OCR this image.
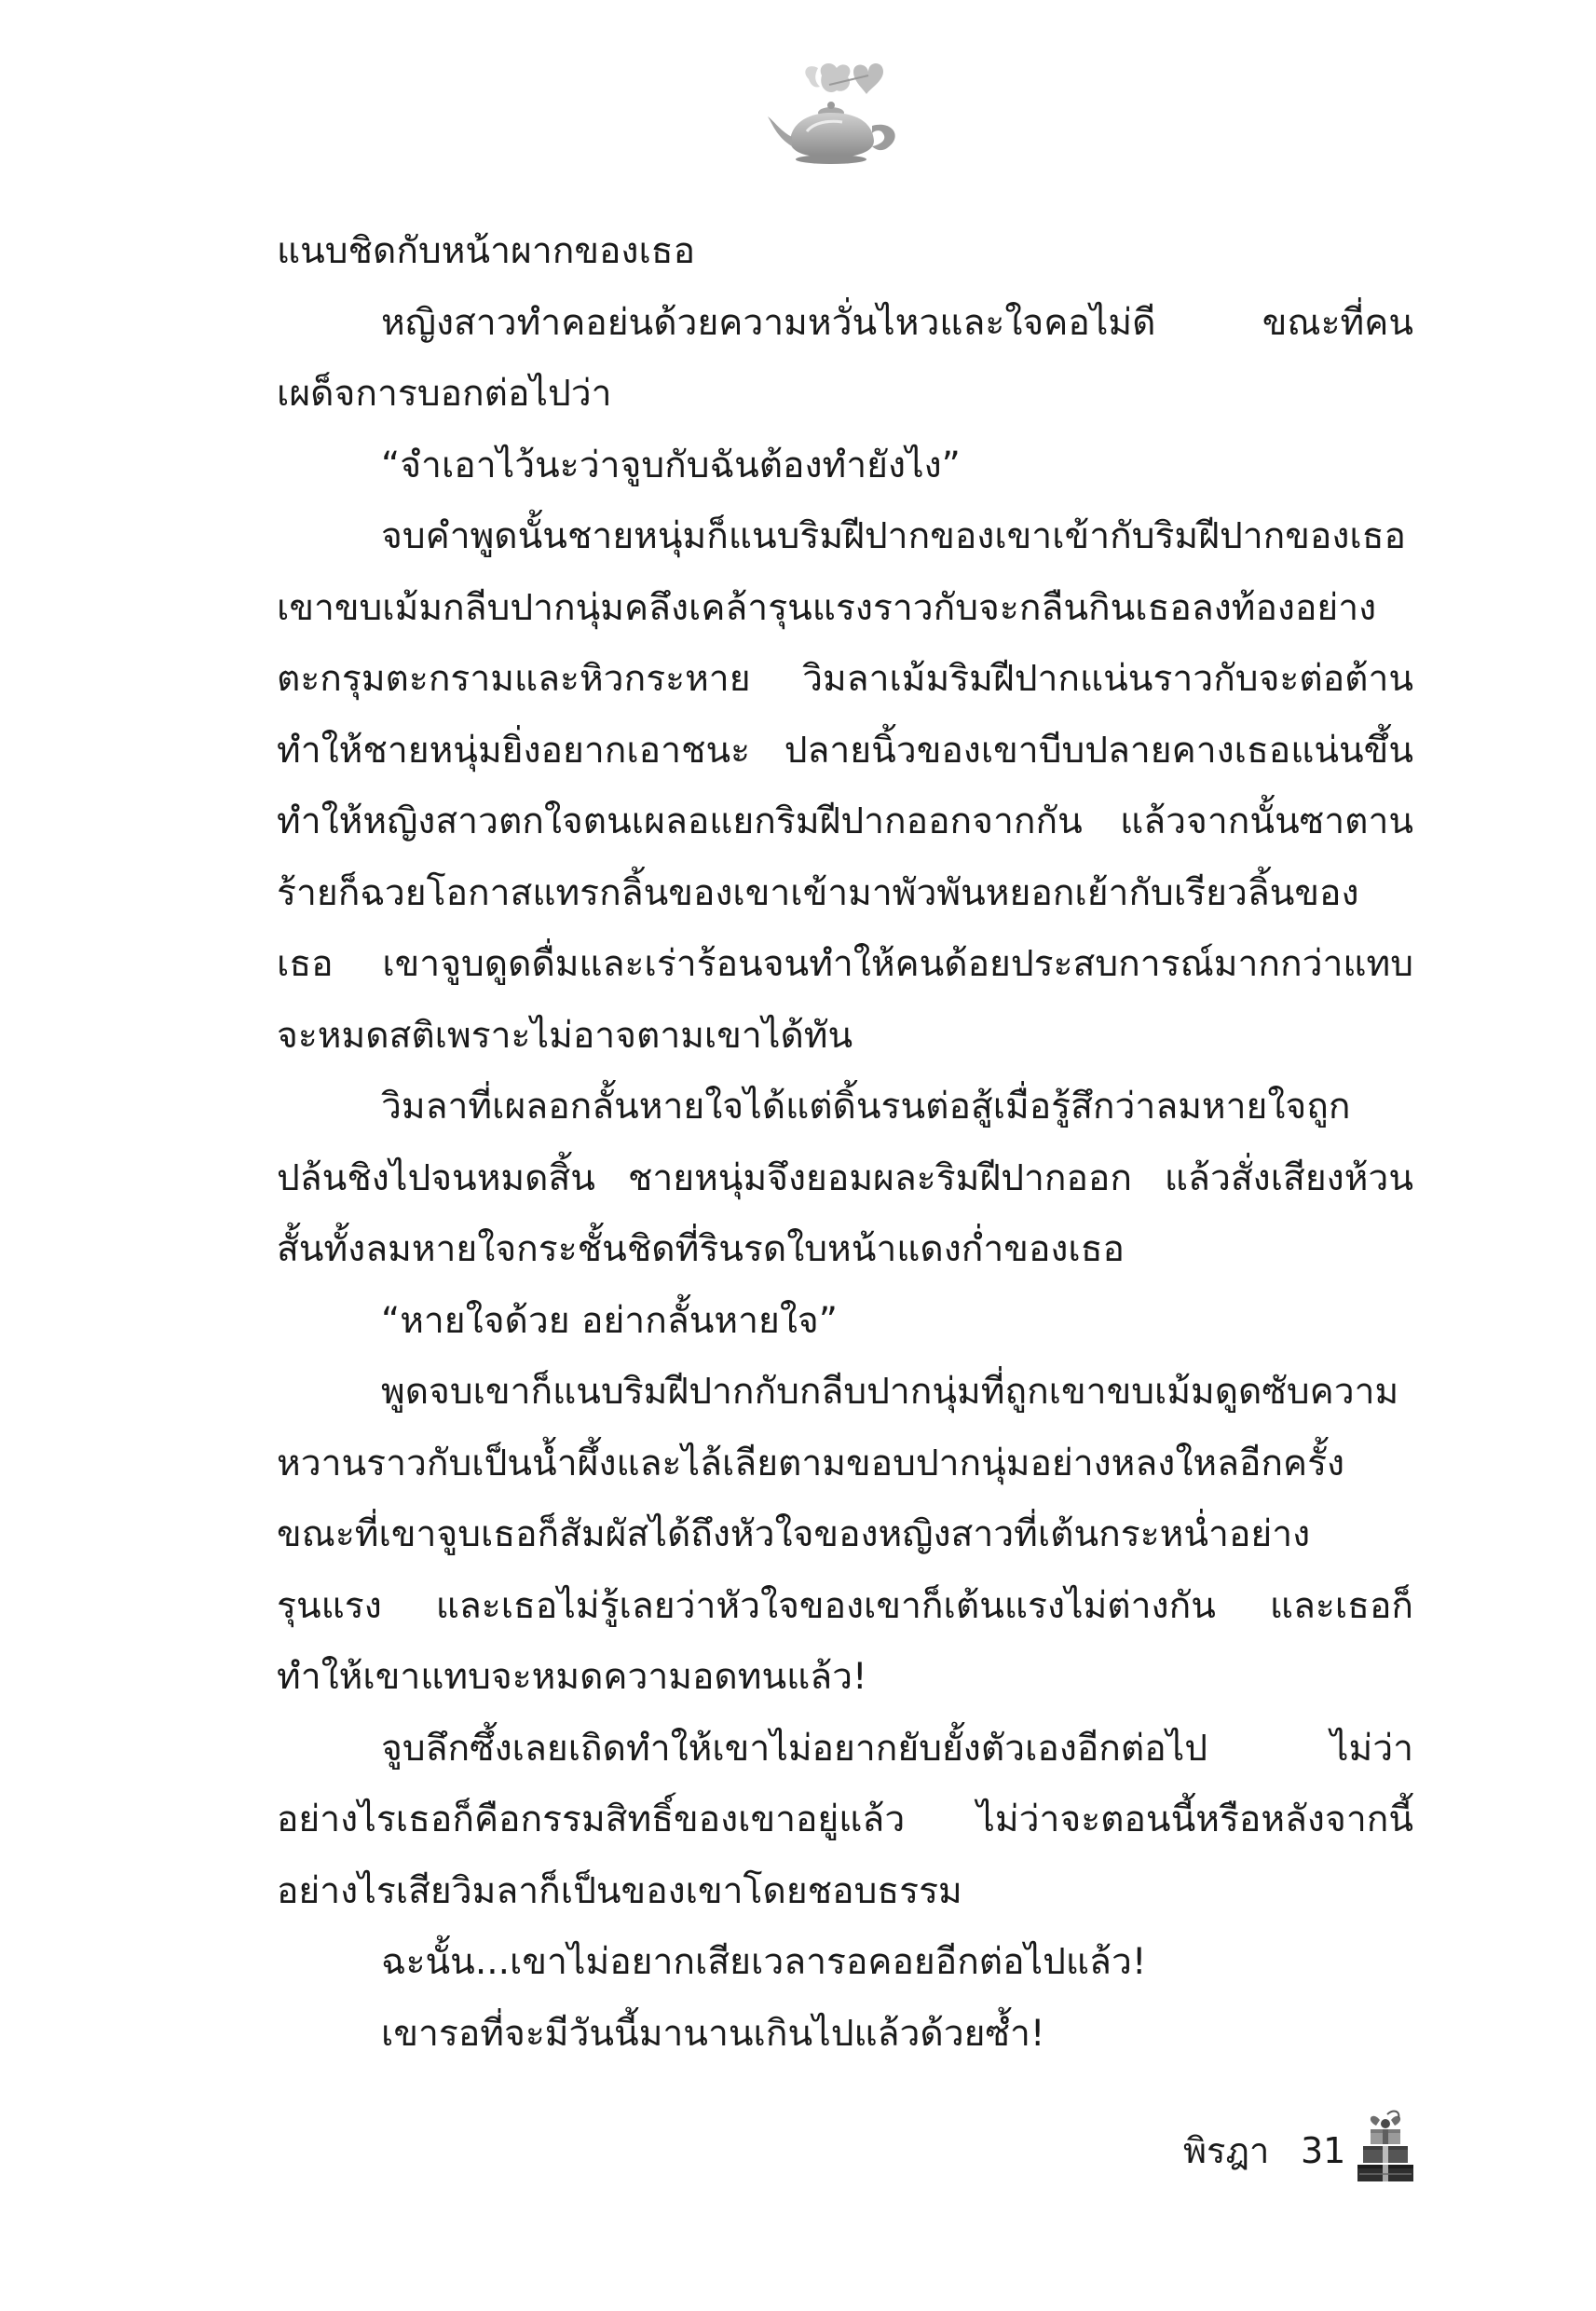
แนบชิดกับหน้าผากของเธอ

หญิงสาวทำคอย่นด้วยความหวั่นไหวและใจคอไม่ดี ขณะที่คนเผด็จการบอกต่อไปว่า

“จำเอาไว้นะว่าจูบกับฉันต้องทำยังไง”

จบคำพูดนั้นชายหนุ่มก็แนบริมฝีปากของเขาเข้ากับริมฝีปากของเธอ เขาขบเม้มกลีบปากนุ่มคลึงเคล้ารุนแรงราวกับจะกลืนกินเธอลงท้องอย่างตะกรุมตะกรามและหิวกระหาย วิมลาเม้มริมฝีปากแน่นราวกับจะต่อต้าน ทำให้ชายหนุ่มยิ่งอยากเอาชนะ ปลายนิ้วของเขาบีบปลายคางเธอแน่นขึ้น ทำให้หญิงสาวตกใจตนเผลอแยกริมฝีปากออกจากกัน แล้วจากนั้นซาตานร้ายก็ฉวยโอกาสแทรกลิ้นของเขาเข้ามาพัวพันหยอกเย้ากับเรียวลิ้นของเธอ เขาจูบดูดดื่มและเร่าร้อนจนทำให้คนด้อยประสบการณ์มากกว่าแทบจะหมดสติเพราะไม่อาจตามเขาได้ทัน

วิมลาที่เผลอกลั้นหายใจได้แต่ดิ้นรนต่อสู้เมื่อรู้สึกว่าลมหายใจถูกปล้นชิงไปจนหมดสิ้น ชายหนุ่มจึงยอมผละริมฝีปากออก แล้วสั่งเสียงห้วนสั้นทั้งลมหายใจกระชั้นชิดที่รินรดใบหน้าแดงก่ำของเธอ

“หายใจด้วย อย่ากลั้นหายใจ”

พูดจบเขาก็แนบริมฝีปากกับกลีบปากนุ่มที่ถูกเขาขบเม้มดูดซับความหวานราวกับเป็นน้ำผึ้งและไล้เลียตามขอบปากนุ่มอย่างหลงใหลอีกครั้ง ขณะที่เขาจูบเธอก็สัมผัสได้ถึงหัวใจของหญิงสาวที่เต้นกระหน่ำอย่างรุนแรง และเธอไม่รู้เลยว่าหัวใจของเขาก็เต้นแรงไม่ต่างกัน และเธอก็ทำให้เขาแทบจะหมดความอดทนแล้ว!

จูบลึกซึ้งเลยเถิดทำให้เขาไม่อยากยับยั้งตัวเองอีกต่อไป ไม่ว่าอย่างไรเธอก็คือกรรมสิทธิ์ของเขาอยู่แล้ว ไม่ว่าจะตอนนี้หรือหลังจากนี้อย่างไรเสียวิมลาก็เป็นของเขาโดยชอบธรรม

ฉะนั้น...เขาไม่อยากเสียเวลารอคอยอีกต่อไปแล้ว!

เขารอที่จะมีวันนี้มานานเกินไปแล้วด้วยซ้ำ!

พิรฎา 31
